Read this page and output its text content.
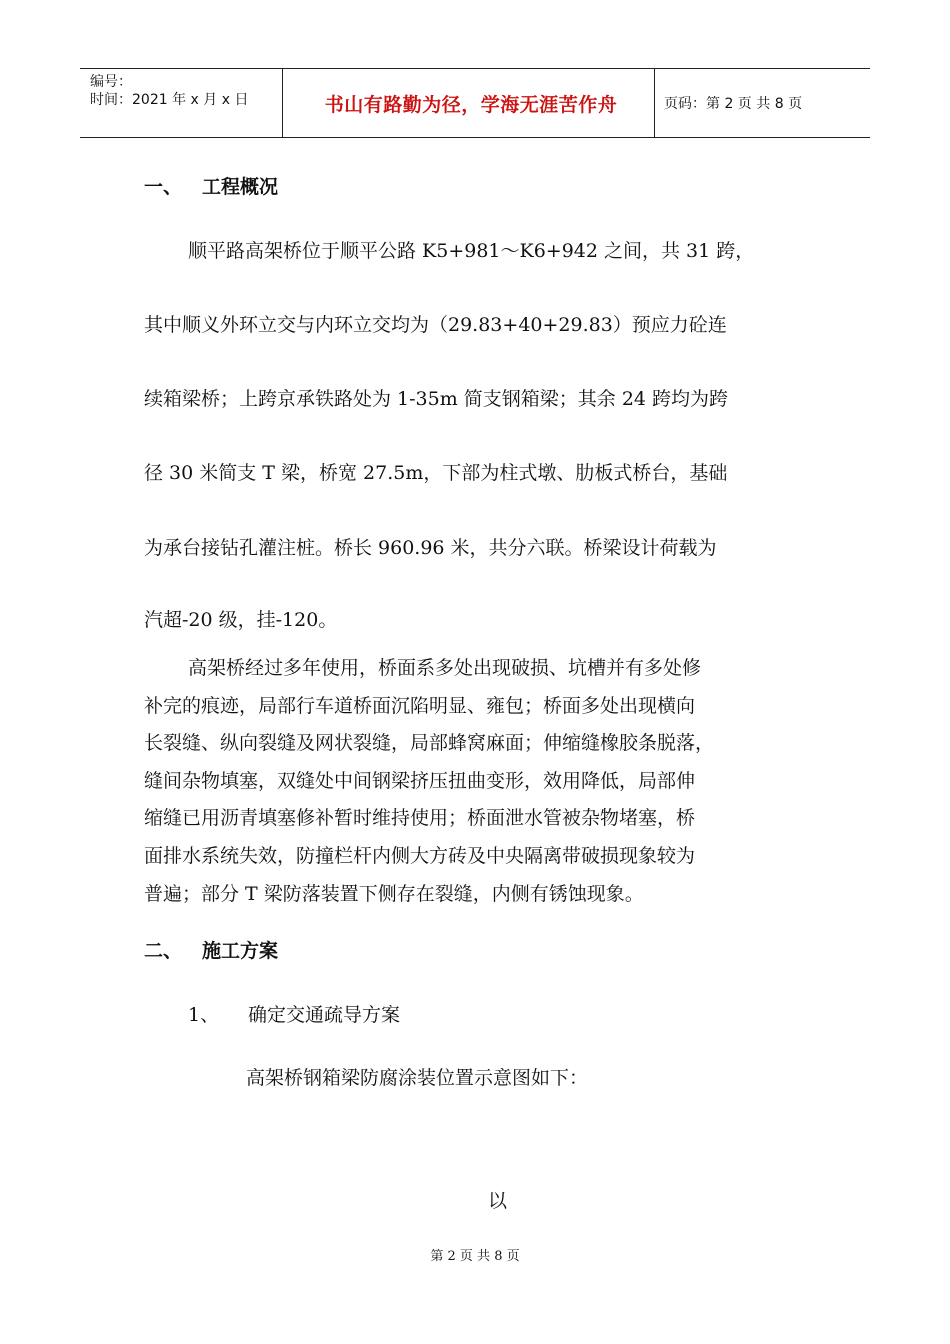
编号：
时间：2021 年 x 月 x 日	书山有路勤为径，学海无涯苦作舟	页码：第 2 页 共 8 页
一、 工程概况
顺平路高架桥位于顺平公路 K5+981～K6+942 之间，共 31 跨，
其中顺义外环立交与内环立交均为（29.83+40+29.83）预应力砼连
续箱梁桥；上跨京承铁路处为 1-35m 简支钢箱梁；其余 24 跨均为跨
径 30 米简支 T 梁，桥宽 27.5m，下部为柱式墩、肋板式桥台，基础
为承台接钻孔灌注桩。桥长 960.96 米，共分六联。桥梁设计荷载为
汽超-20 级，挂-120。
高架桥经过多年使用，桥面系多处出现破损、坑槽并有多处修
补完的痕迹，局部行车道桥面沉陷明显、雍包；桥面多处出现横向
长裂缝、纵向裂缝及网状裂缝，局部蜂窝麻面；伸缩缝橡胶条脱落，
缝间杂物填塞，双缝处中间钢梁挤压扭曲变形，效用降低，局部伸
缩缝已用沥青填塞修补暂时维持使用；桥面泄水管被杂物堵塞，桥
面排水系统失效，防撞栏杆内侧大方砖及中央隔离带破损现象较为
普遍；部分 T 梁防落装置下侧存在裂缝，内侧有锈蚀现象。
二、 施工方案
1、 确定交通疏导方案
高架桥钢箱梁防腐涂装位置示意图如下：
以
第 2 页 共 8 页
